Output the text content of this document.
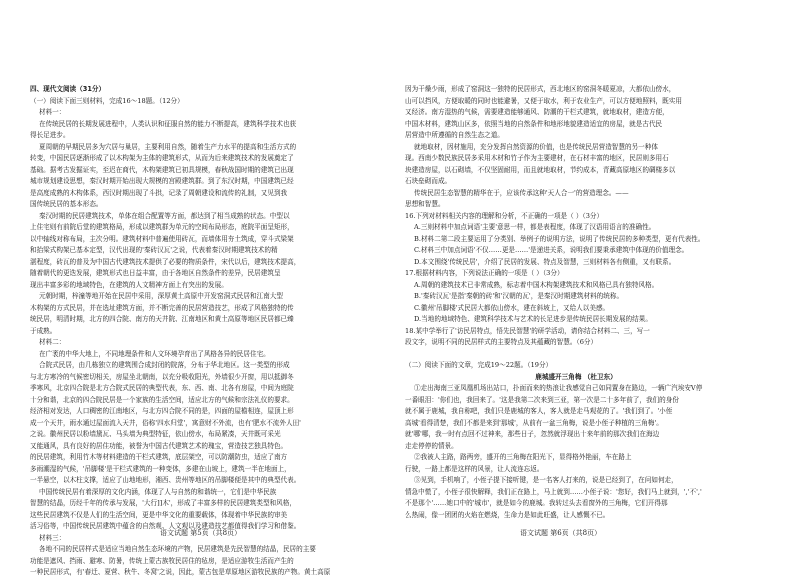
四、现代文阅读（31分）
（一）阅读下面三则材料，完成16～18题。（12分）
材料一：
在传统民居的长期发展进程中，人类认识和征服自然的能力不断提高，建筑科学技术也获
得长足进步。
夏周朝的早期民居多为穴居与巢居，主要利用自然，随着生产力水平的提高和生活方式的
转变，中国民居逐渐形成了以木构架为主体的建筑形式，从而为后来建筑技术的发展奠定了
基础。据考古发掘证实，至迟在商代，木构架建筑已初具规模，春秋战国时期的建筑已出现
城市规划建设思想，秦汉时期开始出现大规模的宫殿建筑群。到了东汉时期，中国建筑已经
是高度成熟的木构体系，西汉时期出现了斗拱，记录了周朝建设和流传的礼制，又见到我
国传统民居的基本形态。
秦汉时期的民居建筑技术，单体在组合配置等方面，都达到了相当成熟的状态。中型以
上住宅则有前院后堂的建筑格局，形成以建筑群为单元的空间布局形态，庭院平面呈矩形，
以中轴线对称布局，主次分明。建筑材料中普遍使用砖瓦，而墙体用夯土筑成，穿斗式梁架
和抬梁式构架已基本定型，汉代出现的'秦砖汉瓦'之说，代表着秦汉时期建筑技术的精
湛程度，砖瓦的普及为中国古代建筑技术提供了必要的物质条件，宋代以后，建筑技术提高，
随着朝代的更迭发展，建筑形式也日益丰富，由于各地区自然条件的差异，民居建筑呈
现出丰富多彩的地域特色，在建筑的人文精神方面上有突出的发展。
元朝时期，梓潼等地开始在民居中采用，深厚黄土高原中开发窑洞式民居和江南大型
木构架的方式民居，并在选址建筑方面，并不断完善的民居营造技艺，形成了风格独特的传
统民居，明清时期，北方的四合院、南方的天井院、江南地区和黄土高原等地区民居都已臻
于成熟。
材料二：
在广袤的中华大地上，不同地理条件和人文环境孕育出了风格各异的民居住宅。
合院式民居，由几栋独立的建筑围合成封闭的院落，分布于华北地区。这一类型的形成
与北方寒冷的气候密切相关，房屋坐北朝南，以充分吸收阳光，外墙很少开窗，用以抵御冬
季寒风，北京四合院是北方合院式民居的典型代表，东、西、南、北各有房屋，中间为庭院
十分和谐，北京的四合院民居是一个家族的生活空间，适应北方的气候和宗法礼仪的要求。
经济相对发达，人口稠密的江南地区，与北方四合院不同的是，四面的屋檐相连，屋顶上形
成一个天井，雨水通过屋面流入天井，俗称'四水归堂'，寓意财不外流，也有'肥水不流外人田'
之说。徽州民居以粉墙黛瓦、马头墙为典型特征，依山傍水，布局紧凑，天井既可采光
又能通风，具有良好的居住功能，被誉为中国古代建筑艺术的瑰宝，营造技艺独具特色。
的民居建筑，利用竹木等材料建造的干栏式建筑，底层架空，可以防潮防虫，适应了南方
多雨潮湿的气候，'吊脚楼'是干栏式建筑的一种变体，多建在山坡上，建筑一半在地面上，
一半悬空，以木柱支撑，适应了山地地形，湘西、贵州等地区的吊脚楼便是其中的典型代表。
中国传统民居有着深厚的文化内涵，体现了人与自然的和谐统一，它们是中华民族
智慧的结晶，历经千年的传承与发展，'大行]]木'，形成了丰富多样的民居建筑类型和风格，
这些民居建筑不仅是人们的生活空间，更是中华文化的重要载体，体现着中华民族的审美
活习俗等，中国传统民居建筑中蕴含的自然观、人文观以及建造技艺都值得我们学习和借鉴。
材料三：
各地不同的民居样式是适应当地自然生态环境的产物，民居建筑是先民智慧的结晶，民居的主要
功能是遮风、挡雨、避寒、防暑，传统上蒙古族牧民居住的毡房，是适应游牧生活而产生的
一种民居形式，有'春迁、夏营、秋牛、冬窝'之说，因此，蒙古包是草原地区游牧民族的产物。黄土高原
因为干燥少雨，形成了窑洞这一独特的民居形式，西北地区的窑洞冬暖夏凉，大都依山傍水，
山可以挡风，方便取暖的同时也能避暑，又便于取水，利于农业生产，可以方便地照料，既实用
又经济。南方湿热的气候，需要建造能够通风、防潮的干栏式建筑，就地取材，建造方便，
中国木材料，建筑山区多，依照当地的自然条件和地形地貌建造适宜的房屋，就是古代民
居营造中所遵循的自然生态之道。
就地取材，因材施用，充分发挥自然资源的价值，也是传统民居营造智慧的另一种体
现。西南少数民族民居多采用木材和竹子作为主要建材，在石材丰富的地区，民居则多用石
块建造房屋，以石砌墙，不仅坚固耐用，而且就地取材，节约成本，青藏高原地区的碉楼多以
石块垒砌而成。
传统民居生态智慧的精华在于，应该传承这种'天人合一'的营造理念。——
思想和智慧。
16.下列对材料相关内容的理解和分析，不正确的一项是（ ）（3分）
A.三则材料中加点词语'主要'意思一样，都是表程度，体现了汉语用语言的准确性。
B.材料二第二段主要运用了分类别、举例子的说明方法，说明了传统民居的多种类型，更有代表性。
C.材料三中加点词语'不仅……更是……'是递进关系，说明我们要秉承建筑中体现的价值理念。
D.本文围绕'传统民居'，介绍了民居的发展、特点及智慧，三则材料各有侧重，又有联系。
17.根据材料内容，下列说法正确的一项是（ ）（3分）
A.周朝的建筑技术已非常成熟，标志着中国木构架建筑技术和风格已具有独特风格。
B.'秦砖汉瓦'是指'秦朝的砖'和'汉朝的瓦'，是秦汉时期建筑材料的统称。
C.徽州'吊脚楼'式民居大都依山傍水，建在斜坡上，又给人以美感。
D.当地的地域特色、建筑科学技术与艺术的长足进步是传统民居长期发展的结果。
18.某中学举行了'访民居特点，悟先民智慧'的研学活动，请你结合材料二、三，写一
段文字，说明不同的民居样式的主要特点及其蕴藏的智慧。（6分）
（二）阅读下面的文章，完成19～22题。（19分）
鹿城盛开三角梅 （杜卫东）
①走出海南三亚凤凰机场出站口，扑面而来的热浪让我感觉自己如同置身在路边，一辆广汽埃安V停
一番眼泪：'你们也，我回来了。'这是我第二次来到三亚，第一次是二十多年前了，我们的身份
就不属于鹿城，我自称吧，我们只是鹿城的客人，客人就是走马观花的了。'我们到了。'小侄
高城'看得清楚，我们不都是来到'那城'，从前有一盆三角梅，说是小侄子种植的三角梅'。
就'哪'哪，我一时有点回不过神来，那些日子，忽然就浮现出十来年前的那次我们在海边
走走停停的情景。
②我被人主路，路两旁，盛开的三角梅在阳光下，显得格外艳丽，车在路上
行驶，一路上都是这样的风景，让人流连忘返。
③见到，手机响了，小侄子提下接听键，是一名客人打来的，说是已经到了，在问如何走，
情急中慌了，小侄子很快解释，我们正在路上，马上就到……小侄子说：'您好，我们马上就到，','不','
不是那个'……她口中的'城市'，就是如今的鹿城。我转过头去看窗外的三角梅，它们开得那
么热闹，像一团团的火焰在燃烧，生命力是如此旺盛，让人感慨不已。
语文试题 第5页（共8页）	语文试题 第6页（共8页）
